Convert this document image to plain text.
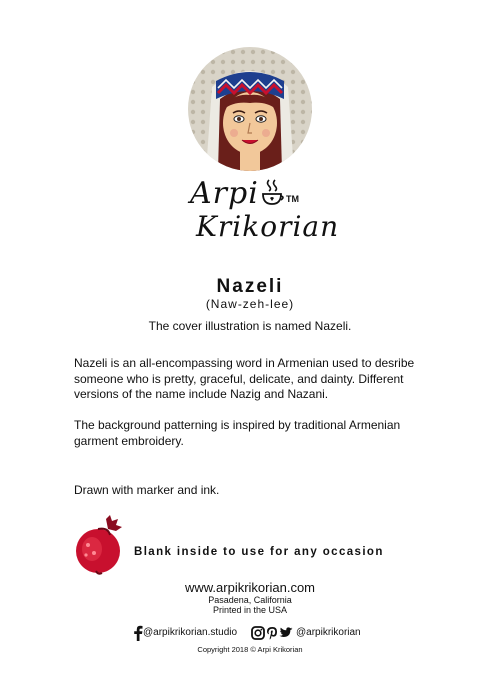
Arpi	TM
Krikorian
Nazeli
(Naw-zeh-lee)
The cover illustration is named Nazeli.
Nazeli is an all-encompassing word in Armenian used to desribe someone who is pretty, graceful, delicate, and dainty. Different versions of the name include Nazig and Nazani.
The background patterning is inspired by traditional Armenian garment embroidery.
Drawn with marker and ink.
Blank inside to use for any occasion
www.arpikrikorian.com
Pasadena, California
Printed in the USA
@arpikrikorian.studio	@arpikrikorian
Copyright 2018 © Arpi Krikorian
